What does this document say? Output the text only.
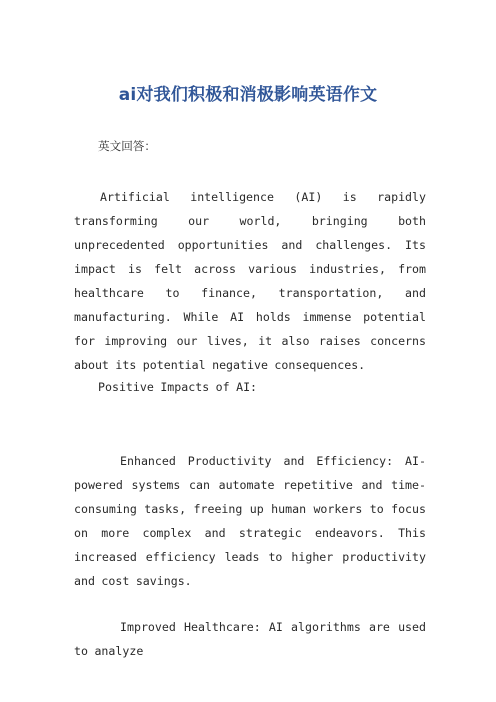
ai对我们积极和消极影响英语作文

英文回答：

Artificial intelligence (AI) is rapidly transforming our world, bringing both unprecedented opportunities and challenges. Its impact is felt across various industries, from healthcare to finance, transportation, and manufacturing. While AI holds immense potential for improving our lives, it also raises concerns about its potential negative consequences.

Positive Impacts of AI:

Enhanced Productivity and Efficiency: AI-powered systems can automate repetitive and time-consuming tasks, freeing up human workers to focus on more complex and strategic endeavors. This increased efficiency leads to higher productivity and cost savings.

Improved Healthcare: AI algorithms are used to analyze
